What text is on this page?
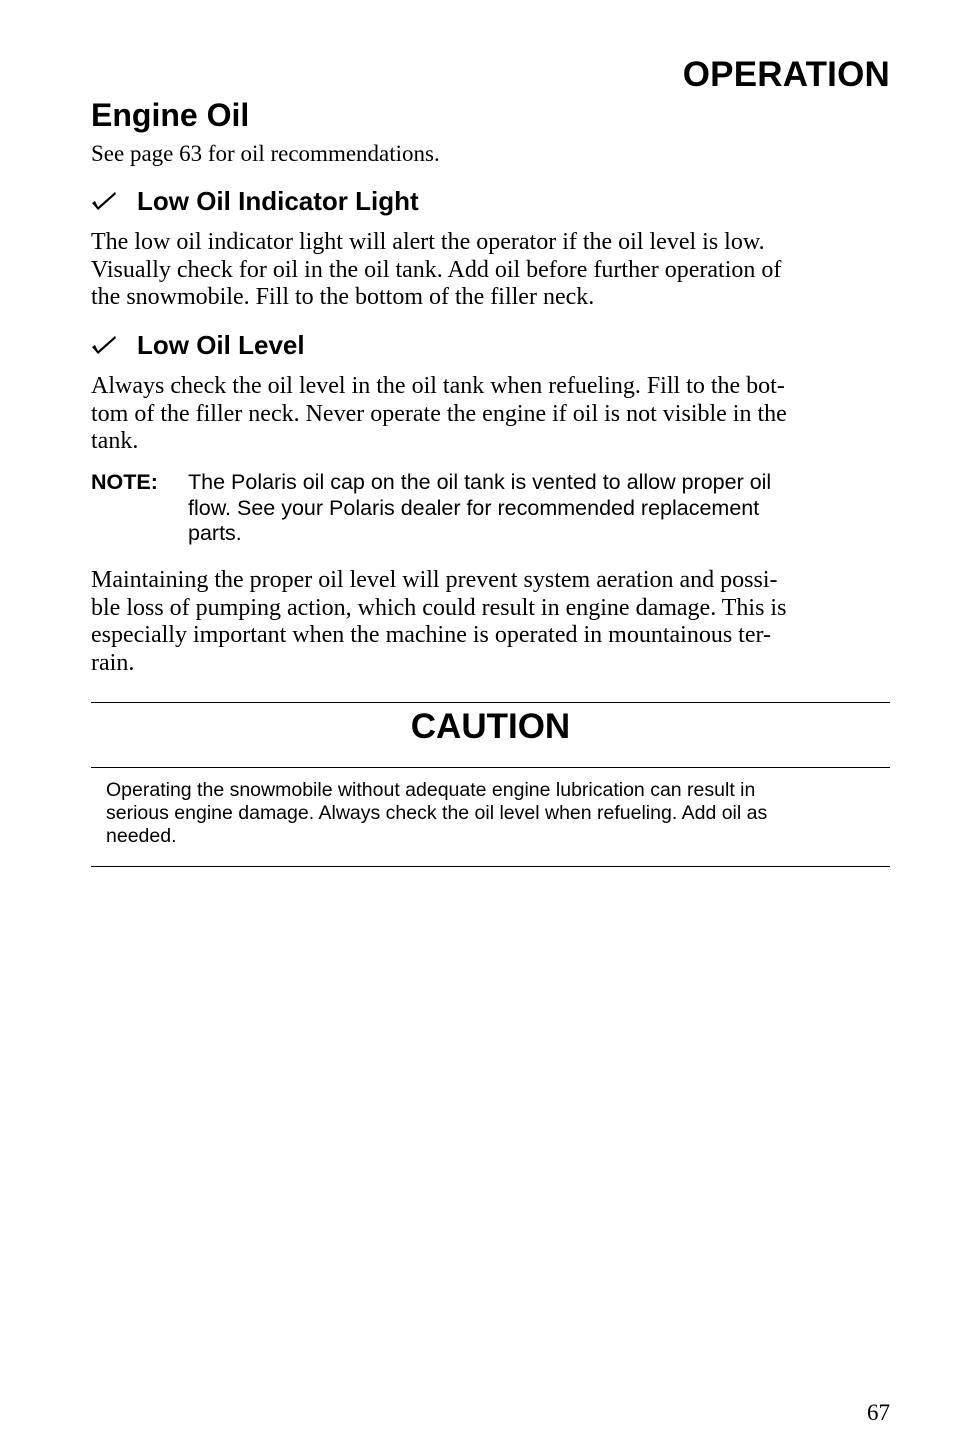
OPERATION
Engine Oil
See page 63 for oil recommendations.
Low Oil Indicator Light
The low oil indicator light will alert the operator if the oil level is low.
Visually check for oil in the oil tank. Add oil before further operation of
the snowmobile. Fill to the bottom of the filler neck.
Low Oil Level
Always check the oil level in the oil tank when refueling. Fill to the bot-
tom of the filler neck. Never operate the engine if oil is not visible in the
tank.
NOTE: The Polaris oil cap on the oil tank is vented to allow proper oil
flow. See your Polaris dealer for recommended replacement
parts.
Maintaining the proper oil level will prevent system aeration and possi-
ble loss of pumping action, which could result in engine damage. This is
especially important when the machine is operated in mountainous ter-
rain.
CAUTION
Operating the snowmobile without adequate engine lubrication can result in
serious engine damage. Always check the oil level when refueling. Add oil as
needed.
67
